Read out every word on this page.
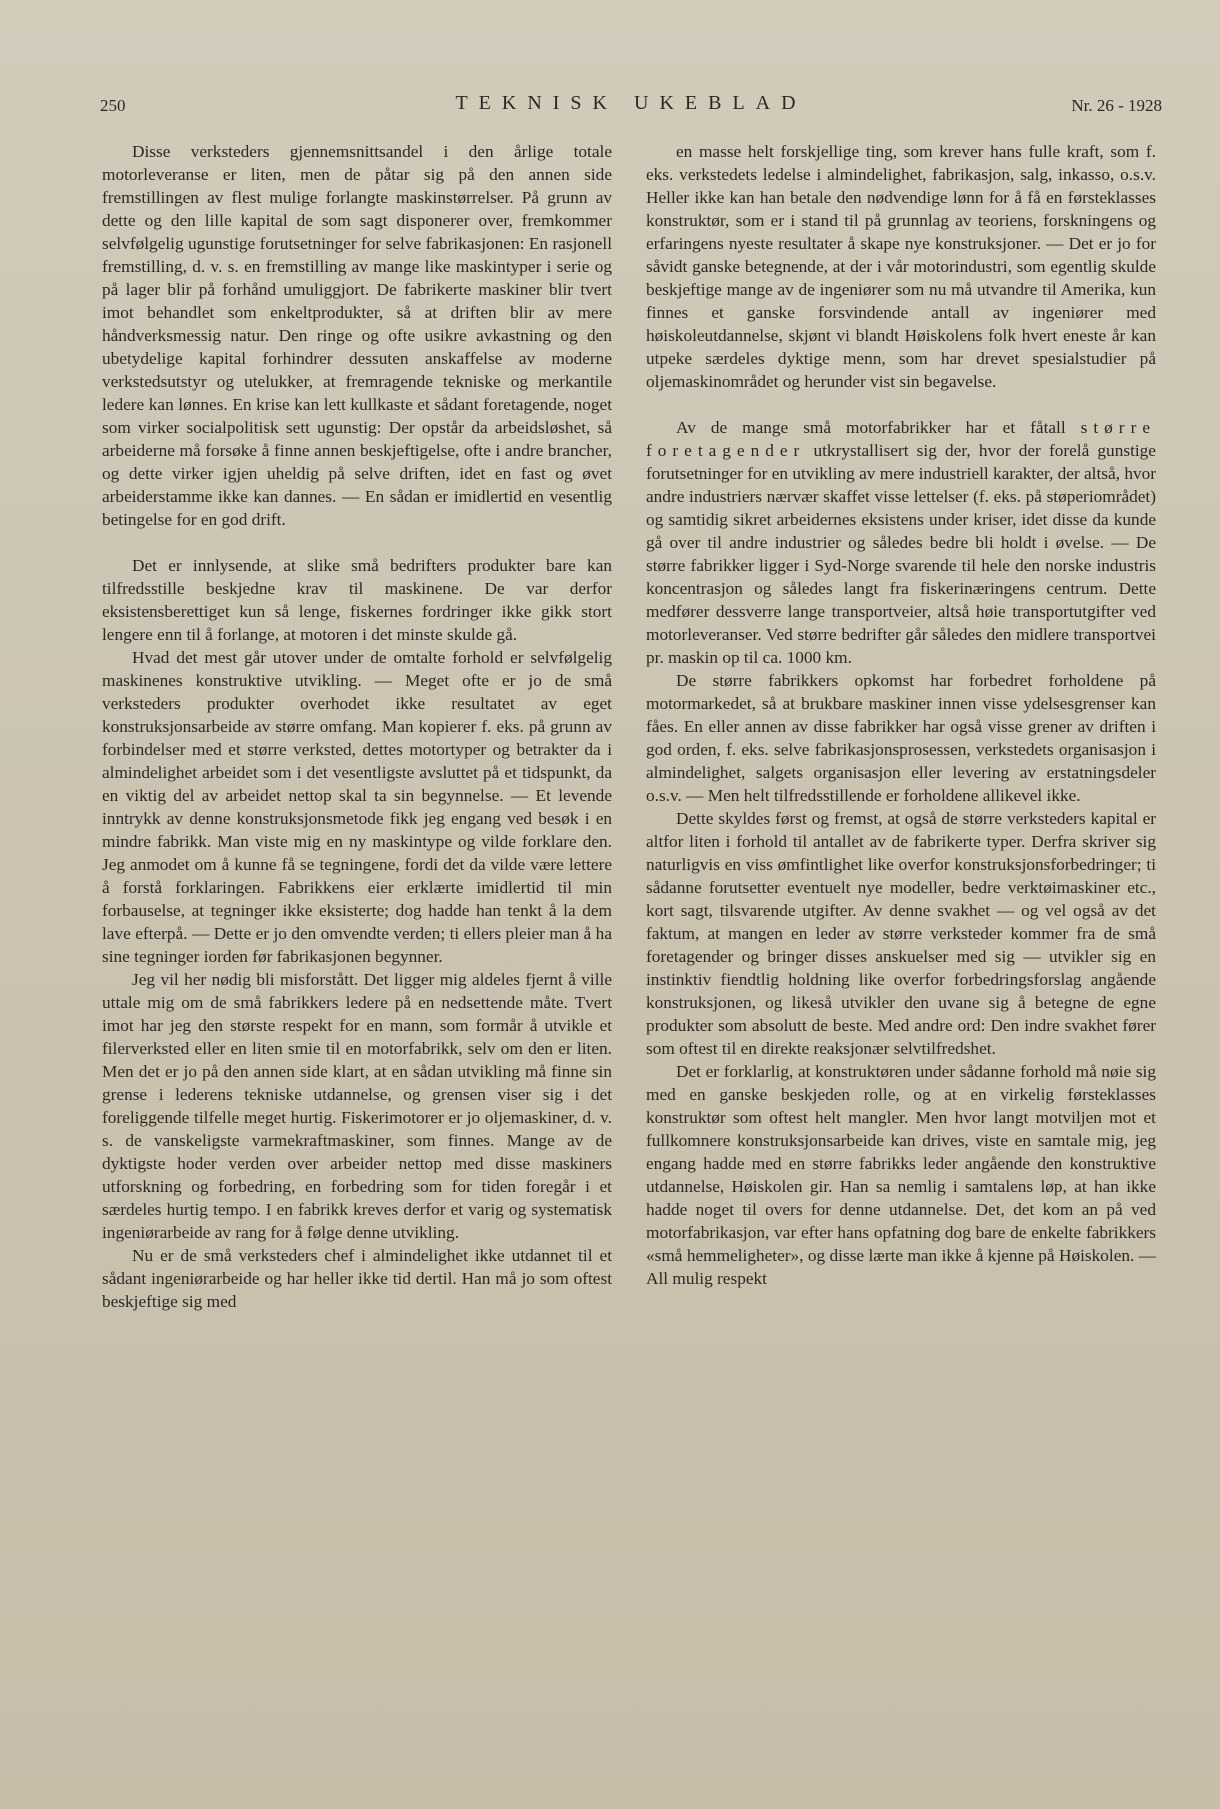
250	TEKNISK UKEBLAD	Nr. 26 - 1928

Disse verksteders gjennemsnittsandel i den årlige totale motorleveranse er liten, men de påtar sig på den annen side fremstillingen av flest mulige forlangte maskinstørrelser. På grunn av dette og den lille kapital de som sagt disponerer over, fremkommer selvfølgelig ugunstige forutsetninger for selve fabrikasjonen: En rasjonell fremstilling, d. v. s. en fremstilling av mange like maskintyper i serie og på lager blir på forhånd umuliggjort. De fabrikerte maskiner blir tvert imot behandlet som enkeltprodukter, så at driften blir av mere håndverksmessig natur. Den ringe og ofte usikre avkastning og den ubetydelige kapital forhindrer dessuten anskaffelse av moderne verkstedsutstyr og utelukker, at fremragende tekniske og merkantile ledere kan lønnes. En krise kan lett kullkaste et sådant foretagende, noget som virker socialpolitisk sett ugunstig: Der opstår da arbeidsløshet, så arbeiderne må forsøke å finne annen beskjeftigelse, ofte i andre brancher, og dette virker igjen uheldig på selve driften, idet en fast og øvet arbeiderstamme ikke kan dannes. — En sådan er imidlertid en vesentlig betingelse for en god drift.

Det er innlysende, at slike små bedrifters produkter bare kan tilfredsstille beskjedne krav til maskinene. De var derfor eksistensberettiget kun så lenge, fiskernes fordringer ikke gikk stort lengere enn til å forlange, at motoren i det minste skulde gå.

Hvad det mest går utover under de omtalte forhold er selvfølgelig maskinenes konstruktive utvikling. — Meget ofte er jo de små verksteders produkter overhodet ikke resultatet av eget konstruksjonsarbeide av større omfang. Man kopierer f. eks. på grunn av forbindelser med et større verksted, dettes motortyper og betrakter da i almindelighet arbeidet som i det vesentligste avsluttet på et tidspunkt, da en viktig del av arbeidet nettop skal ta sin begynnelse. — Et levende inntrykk av denne konstruksjonsmetode fikk jeg engang ved besøk i en mindre fabrikk. Man viste mig en ny maskintype og vilde forklare den. Jeg anmodet om å kunne få se tegningene, fordi det da vilde være lettere å forstå forklaringen. Fabrikkens eier erklærte imidlertid til min forbauselse, at tegninger ikke eksisterte; dog hadde han tenkt å la dem lave efterpå. — Dette er jo den omvendte verden; ti ellers pleier man å ha sine tegninger iorden før fabrikasjonen begynner.

Jeg vil her nødig bli misforstått. Det ligger mig aldeles fjernt å ville uttale mig om de små fabrikkers ledere på en nedsettende måte. Tvert imot har jeg den største respekt for en mann, som formår å utvikle et filerverksted eller en liten smie til en motorfabrikk, selv om den er liten. Men det er jo på den annen side klart, at en sådan utvikling må finne sin grense i lederens tekniske utdannelse, og grensen viser sig i det foreliggende tilfelle meget hurtig. Fiskerimotorer er jo oljemaskiner, d. v. s. de vanskeligste varmekraftmaskiner, som finnes. Mange av de dyktigste hoder verden over arbeider nettop med disse maskiners utforskning og forbedring, en forbedring som for tiden foregår i et særdeles hurtig tempo. I en fabrikk kreves derfor et varig og systematisk ingeniørarbeide av rang for å følge denne utvikling.

Nu er de små verksteders chef i almindelighet ikke utdannet til et sådant ingeniørarbeide og har heller ikke tid dertil. Han må jo som oftest beskjeftige sig med

en masse helt forskjellige ting, som krever hans fulle kraft, som f. eks. verkstedets ledelse i almindelighet, fabrikasjon, salg, inkasso, o.s.v. Heller ikke kan han betale den nødvendige lønn for å få en førsteklasses konstruktør, som er i stand til på grunnlag av teoriens, forskningens og erfaringens nyeste resultater å skape nye konstruksjoner. — Det er jo for såvidt ganske betegnende, at der i vår motorindustri, som egentlig skulde beskjeftige mange av de ingeniører som nu må utvandre til Amerika, kun finnes et ganske forsvindende antall av ingeniører med høiskoleutdannelse, skjønt vi blandt Høiskolens folk hvert eneste år kan utpeke særdeles dyktige menn, som har drevet spesialstudier på oljemaskinområdet og herunder vist sin begavelse.

Av de mange små motorfabrikker har et fåtall større foretagender utkrystallisert sig der, hvor der forelå gunstige forutsetninger for en utvikling av mere industriell karakter, der altså, hvor andre industriers nærvær skaffet visse lettelser (f. eks. på støperiområdet) og samtidig sikret arbeidernes eksistens under kriser, idet disse da kunde gå over til andre industrier og således bedre bli holdt i øvelse. — De større fabrikker ligger i Syd-Norge svarende til hele den norske industris koncentrasjon og således langt fra fiskerinæringens centrum. Dette medfører dessverre lange transportveier, altså høie transportutgifter ved motorleveranser. Ved større bedrifter går således den midlere transportvei pr. maskin op til ca. 1000 km.

De større fabrikkers opkomst har forbedret forholdene på motormarkedet, så at brukbare maskiner innen visse ydelsesgrenser kan fåes. En eller annen av disse fabrikker har også visse grener av driften i god orden, f. eks. selve fabrikasjonsprosessen, verkstedets organisasjon i almindelighet, salgets organisasjon eller levering av erstatningsdeler o.s.v. — Men helt tilfredsstillende er forholdene allikevel ikke.

Dette skyldes først og fremst, at også de større verksteders kapital er altfor liten i forhold til antallet av de fabrikerte typer. Derfra skriver sig naturligvis en viss ømfintlighet like overfor konstruksjonsforbedringer; ti sådanne forutsetter eventuelt nye modeller, bedre verktøimaskiner etc., kort sagt, tilsvarende utgifter. Av denne svakhet — og vel også av det faktum, at mangen en leder av større verksteder kommer fra de små foretagender og bringer disses anskuelser med sig — utvikler sig en instinktiv fiendtlig holdning like overfor forbedringsforslag angående konstruksjonen, og likeså utvikler den uvane sig å betegne de egne produkter som absolutt de beste. Med andre ord: Den indre svakhet fører som oftest til en direkte reaksjonær selvtilfredshet.

Det er forklarlig, at konstruktøren under sådanne forhold må nøie sig med en ganske beskjeden rolle, og at en virkelig førsteklasses konstruktør som oftest helt mangler. Men hvor langt motviljen mot et fullkomnere konstruksjonsarbeide kan drives, viste en samtale mig, jeg engang hadde med en større fabrikks leder angående den konstruktive utdannelse, Høiskolen gir. Han sa nemlig i samtalens løp, at han ikke hadde noget til overs for denne utdannelse. Det, det kom an på ved motorfabrikasjon, var efter hans opfatning dog bare de enkelte fabrikkers «små hemmeligheter», og disse lærte man ikke å kjenne på Høiskolen. — All mulig respekt
